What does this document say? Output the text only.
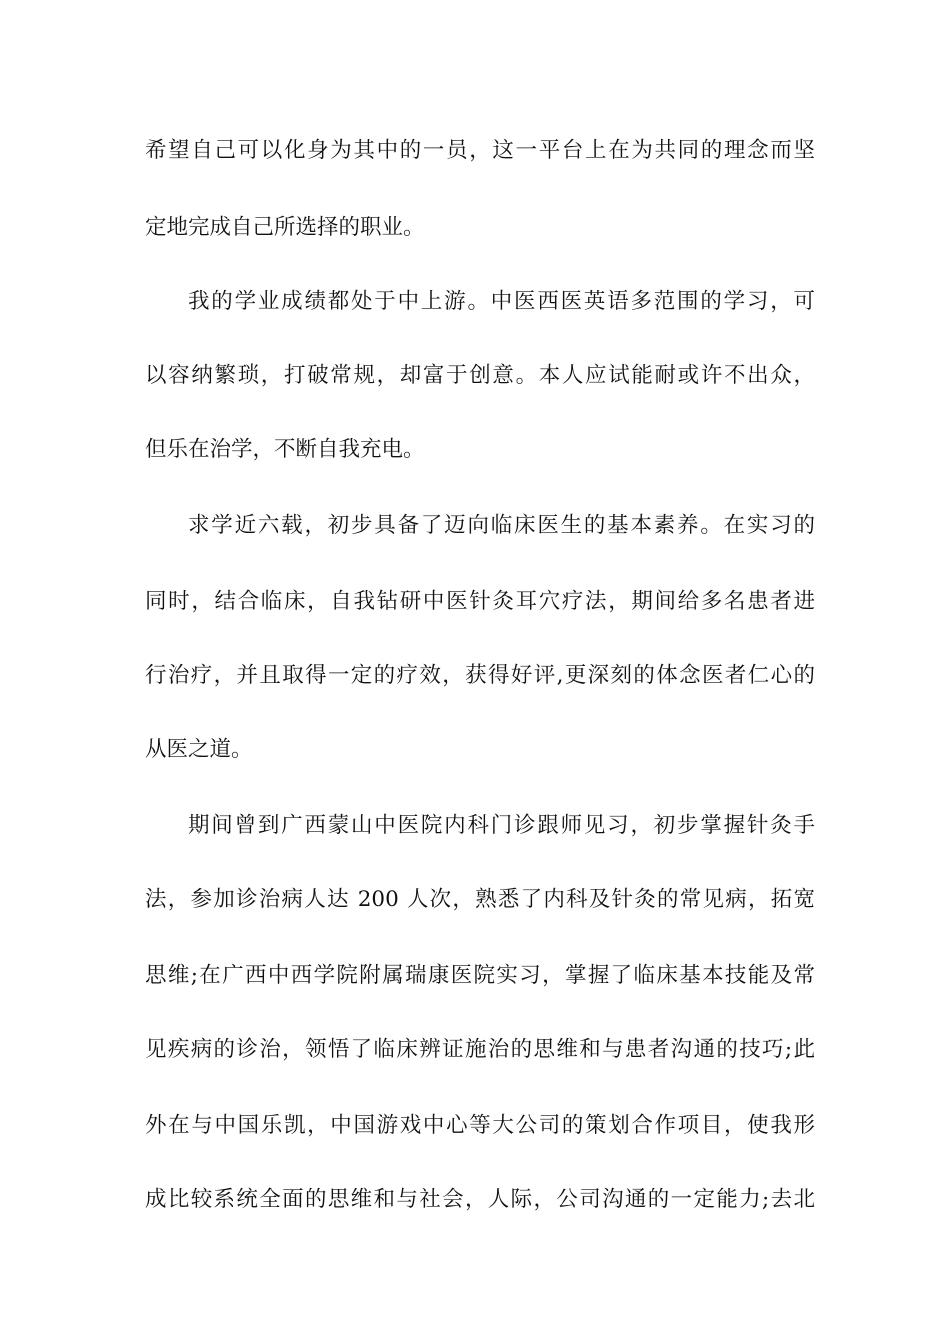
希望自己可以化身为其中的一员，这一平台上在为共同的理念而坚
定地完成自己所选择的职业。
我的学业成绩都处于中上游。中医西医英语多范围的学习，可
以容纳繁琐，打破常规，却富于创意。本人应试能耐或许不出众，
但乐在治学，不断自我充电。
求学近六载，初步具备了迈向临床医生的基本素养。在实习的
同时，结合临床，自我钻研中医针灸耳穴疗法，期间给多名患者进
行治疗，并且取得一定的疗效，获得好评,更深刻的体念医者仁心的
从医之道。
期间曾到广西蒙山中医院内科门诊跟师见习，初步掌握针灸手
法，参加诊治病人达 200 人次，熟悉了内科及针灸的常见病，拓宽
思维;在广西中西学院附属瑞康医院实习，掌握了临床基本技能及常
见疾病的诊治，领悟了临床辨证施治的思维和与患者沟通的技巧;此
外在与中国乐凯，中国游戏中心等大公司的策划合作项目，使我形
成比较系统全面的思维和与社会，人际，公司沟通的一定能力;去北
